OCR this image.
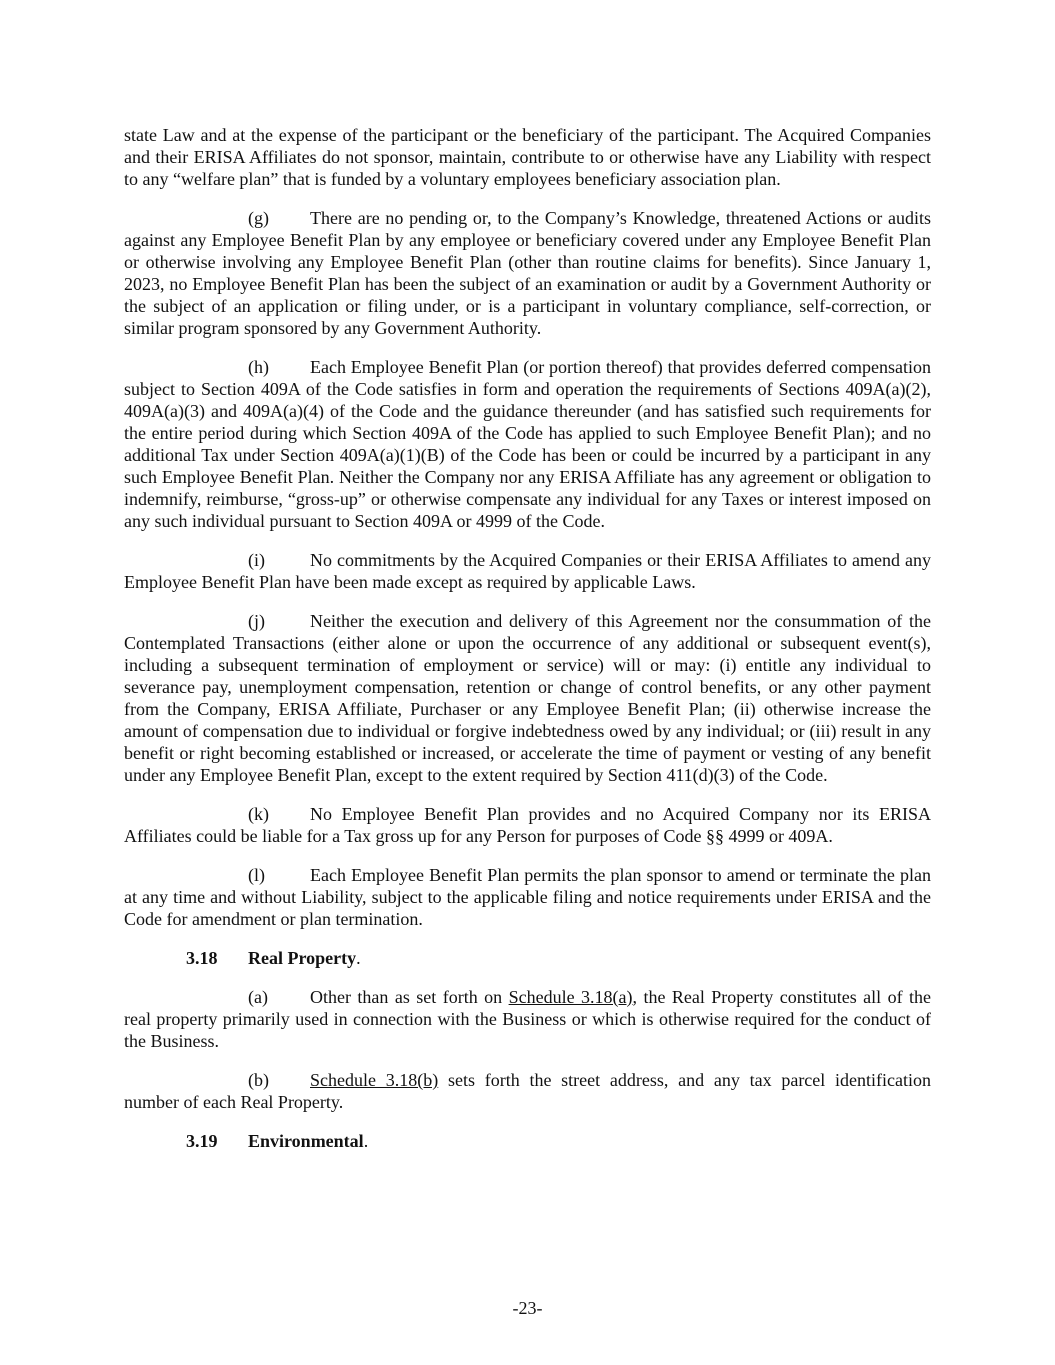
state Law and at the expense of the participant or the beneficiary of the participant. The Acquired Companies and their ERISA Affiliates do not sponsor, maintain, contribute to or otherwise have any Liability with respect to any “welfare plan” that is funded by a voluntary employees beneficiary association plan.

(g) There are no pending or, to the Company’s Knowledge, threatened Actions or audits against any Employee Benefit Plan by any employee or beneficiary covered under any Employee Benefit Plan or otherwise involving any Employee Benefit Plan (other than routine claims for benefits). Since January 1, 2023, no Employee Benefit Plan has been the subject of an examination or audit by a Government Authority or the subject of an application or filing under, or is a participant in voluntary compliance, self-correction, or similar program sponsored by any Government Authority.

(h) Each Employee Benefit Plan (or portion thereof) that provides deferred compensation subject to Section 409A of the Code satisfies in form and operation the requirements of Sections 409A(a)(2), 409A(a)(3) and 409A(a)(4) of the Code and the guidance thereunder (and has satisfied such requirements for the entire period during which Section 409A of the Code has applied to such Employee Benefit Plan); and no additional Tax under Section 409A(a)(1)(B) of the Code has been or could be incurred by a participant in any such Employee Benefit Plan. Neither the Company nor any ERISA Affiliate has any agreement or obligation to indemnify, reimburse, “gross-up” or otherwise compensate any individual for any Taxes or interest imposed on any such individual pursuant to Section 409A or 4999 of the Code.

(i)	No commitments by the Acquired Companies or their ERISA Affiliates to amend any Employee Benefit Plan have been made except as required by applicable Laws.

(j)	Neither the execution and delivery of this Agreement nor the consummation of the Contemplated Transactions (either alone or upon the occurrence of any additional or subsequent event(s), including a subsequent termination of employment or service) will or may: (i) entitle any individual to severance pay, unemployment compensation, retention or change of control benefits, or any other payment from the Company, ERISA Affiliate, Purchaser or any Employee Benefit Plan; (ii) otherwise increase the amount of compensation due to individual or forgive indebtedness owed by any individual; or (iii) result in any benefit or right becoming established or increased, or accelerate the time of payment or vesting of any benefit under any Employee Benefit Plan, except to the extent required by Section 411(d)(3) of the Code.

(k) No Employee Benefit Plan provides and no Acquired Company nor its ERISA Affiliates could be liable for a Tax gross up for any Person for purposes of Code §§ 4999 or 409A.

(l)	Each Employee Benefit Plan permits the plan sponsor to amend or terminate the plan at any time and without Liability, subject to the applicable filing and notice requirements under ERISA and the Code for amendment or plan termination.

3.18 Real Property.

(a) Other than as set forth on Schedule 3.18(a), the Real Property constitutes all of the real property primarily used in connection with the Business or which is otherwise required for the conduct of the Business.

(b) Schedule 3.18(b) sets forth the street address, and any tax parcel identification number of each Real Property.

3.19 Environmental.

-23-
